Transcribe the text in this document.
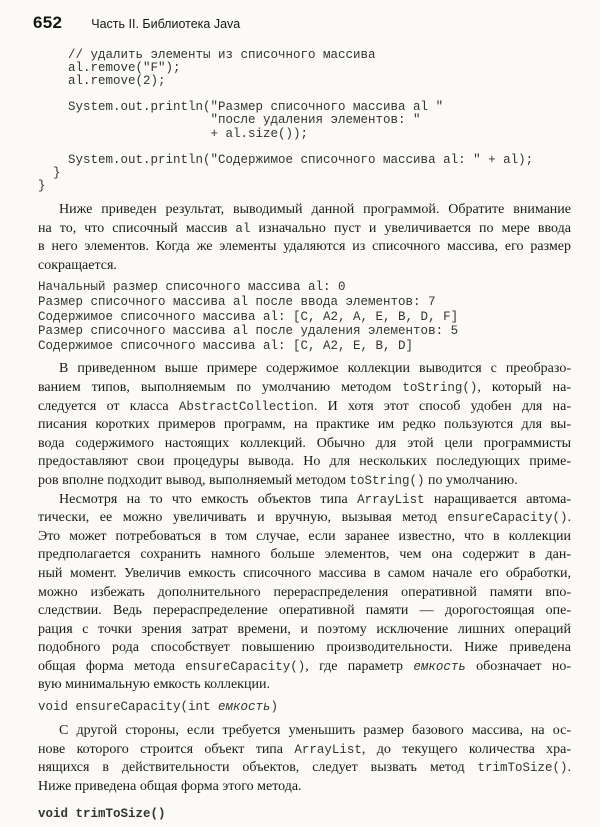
652 Часть II. Библиотека Java
// удалить элементы из списочного массива
al.remove("F");
al.remove(2);
System.out.println("Размер списочного массива al "
"после удаления элементов: "
+ al.size());
System.out.println("Содержимое списочного массива al: " + al);
}
}
Ниже приведен результат, выводимый данной программой. Обратите внимание
на то, что списочный массив al изначально пуст и увеличивается по мере ввода
в него элементов. Когда же элементы удаляются из списочного массива, его размер
сокращается.
Начальный размер списочного массива al: 0
Размер списочного массива al после ввода элементов: 7
Содержимое списочного массива al: [C, A2, A, E, B, D, F]
Размер списочного массива al после удаления элементов: 5
Содержимое списочного массива al: [C, A2, E, B, D]
В приведенном выше примере содержимое коллекции выводится с преобразо-
ванием типов, выполняемым по умолчанию методом toString(), который на-
следуется от класса AbstractCollection. И хотя этот способ удобен для на-
писания коротких примеров программ, на практике им редко пользуются для вы-
вода содержимого настоящих коллекций. Обычно для этой цели программисты
предоставляют свои процедуры вывода. Но для нескольких последующих приме-
ров вполне подходит вывод, выполняемый методом toString() по умолчанию.
Несмотря на то что емкость объектов типа ArrayList наращивается автома-
тически, ее можно увеличивать и вручную, вызывая метод ensureCapacity().
Это может потребоваться в том случае, если заранее известно, что в коллекции
предполагается сохранить намного больше элементов, чем она содержит в дан-
ный момент. Увеличив емкость списочного массива в самом начале его обработки,
можно избежать дополнительного перераспределения оперативной памяти впо-
следствии. Ведь перераспределение оперативной памяти — дорогостоящая опе-
рация с точки зрения затрат времени, и поэтому исключение лишних операций
подобного рода способствует повышению производительности. Ниже приведена
общая форма метода ensureCapacity(), где параметр емкость обозначает но-
вую минимальную емкость коллекции.
void ensureCapacity(int емкость)
С другой стороны, если требуется уменьшить размер базового массива, на ос-
нове которого строится объект типа ArrayList, до текущего количества хра-
нящихся в действительности объектов, следует вызвать метод trimToSize().
Ниже приведена общая форма этого метода.
void trimToSize()
